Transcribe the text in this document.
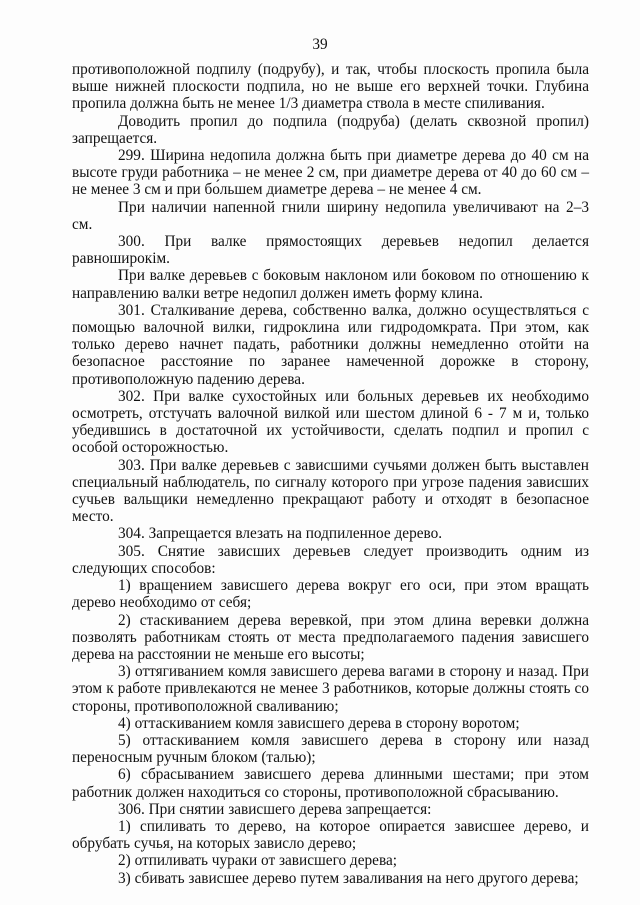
39

противоположной подпилу (подрубу), и так, чтобы плоскость пропила была выше нижней плоскости подпила, но не выше его верхней точки. Глубина пропила должна быть не менее 1/3 диаметра ствола в месте спиливания.

Доводить пропил до подпила (подруба) (делать сквозной пропил) запрещается.

299. Ширина недопила должна быть при диаметре дерева до 40 см на высоте груди работника – не менее 2 см, при диаметре дерева от 40 до 60 см – не менее 3 см и при бо́льшем диаметре дерева – не менее 4 см.

При наличии напенной гнили ширину недопила увеличивают на 2–3 см.

300. При валке прямостоящих деревьев недопил делается равноширокім.

При валке деревьев с боковым наклоном или боковом по отношению к направлению валки ветре недопил должен иметь форму клина.

301. Сталкивание дерева, собственно валка, должно осуществляться с помощью валочной вилки, гидроклина или гидродомкрата. При этом, как только дерево начнет падать, работники должны немедленно отойти на безопасное расстояние по заранее намеченной дорожке в сторону, противоположную падению дерева.

302. При валке сухостойных или больных деревьев их необходимо осмотреть, отстучать валочной вилкой или шестом длиной 6 - 7 м и, только убедившись в достаточной их устойчивости, сделать подпил и пропил с особой осторожностью.

303. При валке деревьев с зависшими сучьями должен быть выставлен специальный наблюдатель, по сигналу которого при угрозе падения зависших сучьев вальщики немедленно прекращают работу и отходят в безопасное место.

304. Запрещается влезать на подпиленное дерево.

305. Снятие зависших деревьев следует производить одним из следующих способов:

1) вращением зависшего дерева вокруг его оси, при этом вращать дерево необходимо от себя;

2) стаскиванием дерева веревкой, при этом длина веревки должна позволять работникам стоять от места предполагаемого падения зависшего дерева на расстоянии не меньше его высоты;

3) оттягиванием комля зависшего дерева вагами в сторону и назад. При этом к работе привлекаются не менее 3 работников, которые должны стоять со стороны, противоположной сваливанию;

4) оттаскиванием комля зависшего дерева в сторону воротом;

5) оттаскиванием комля зависшего дерева в сторону или назад переносным ручным блоком (талью);

6) сбрасыванием зависшего дерева длинными шестами; при этом работник должен находиться со стороны, противоположной сбрасыванию.

306. При снятии зависшего дерева запрещается:

1) спиливать то дерево, на которое опирается зависшее дерево, и обрубать сучья, на которых зависло дерево;

2) отпиливать чураки от зависшего дерева;

3) сбивать зависшее дерево путем заваливания на него другого дерева;
